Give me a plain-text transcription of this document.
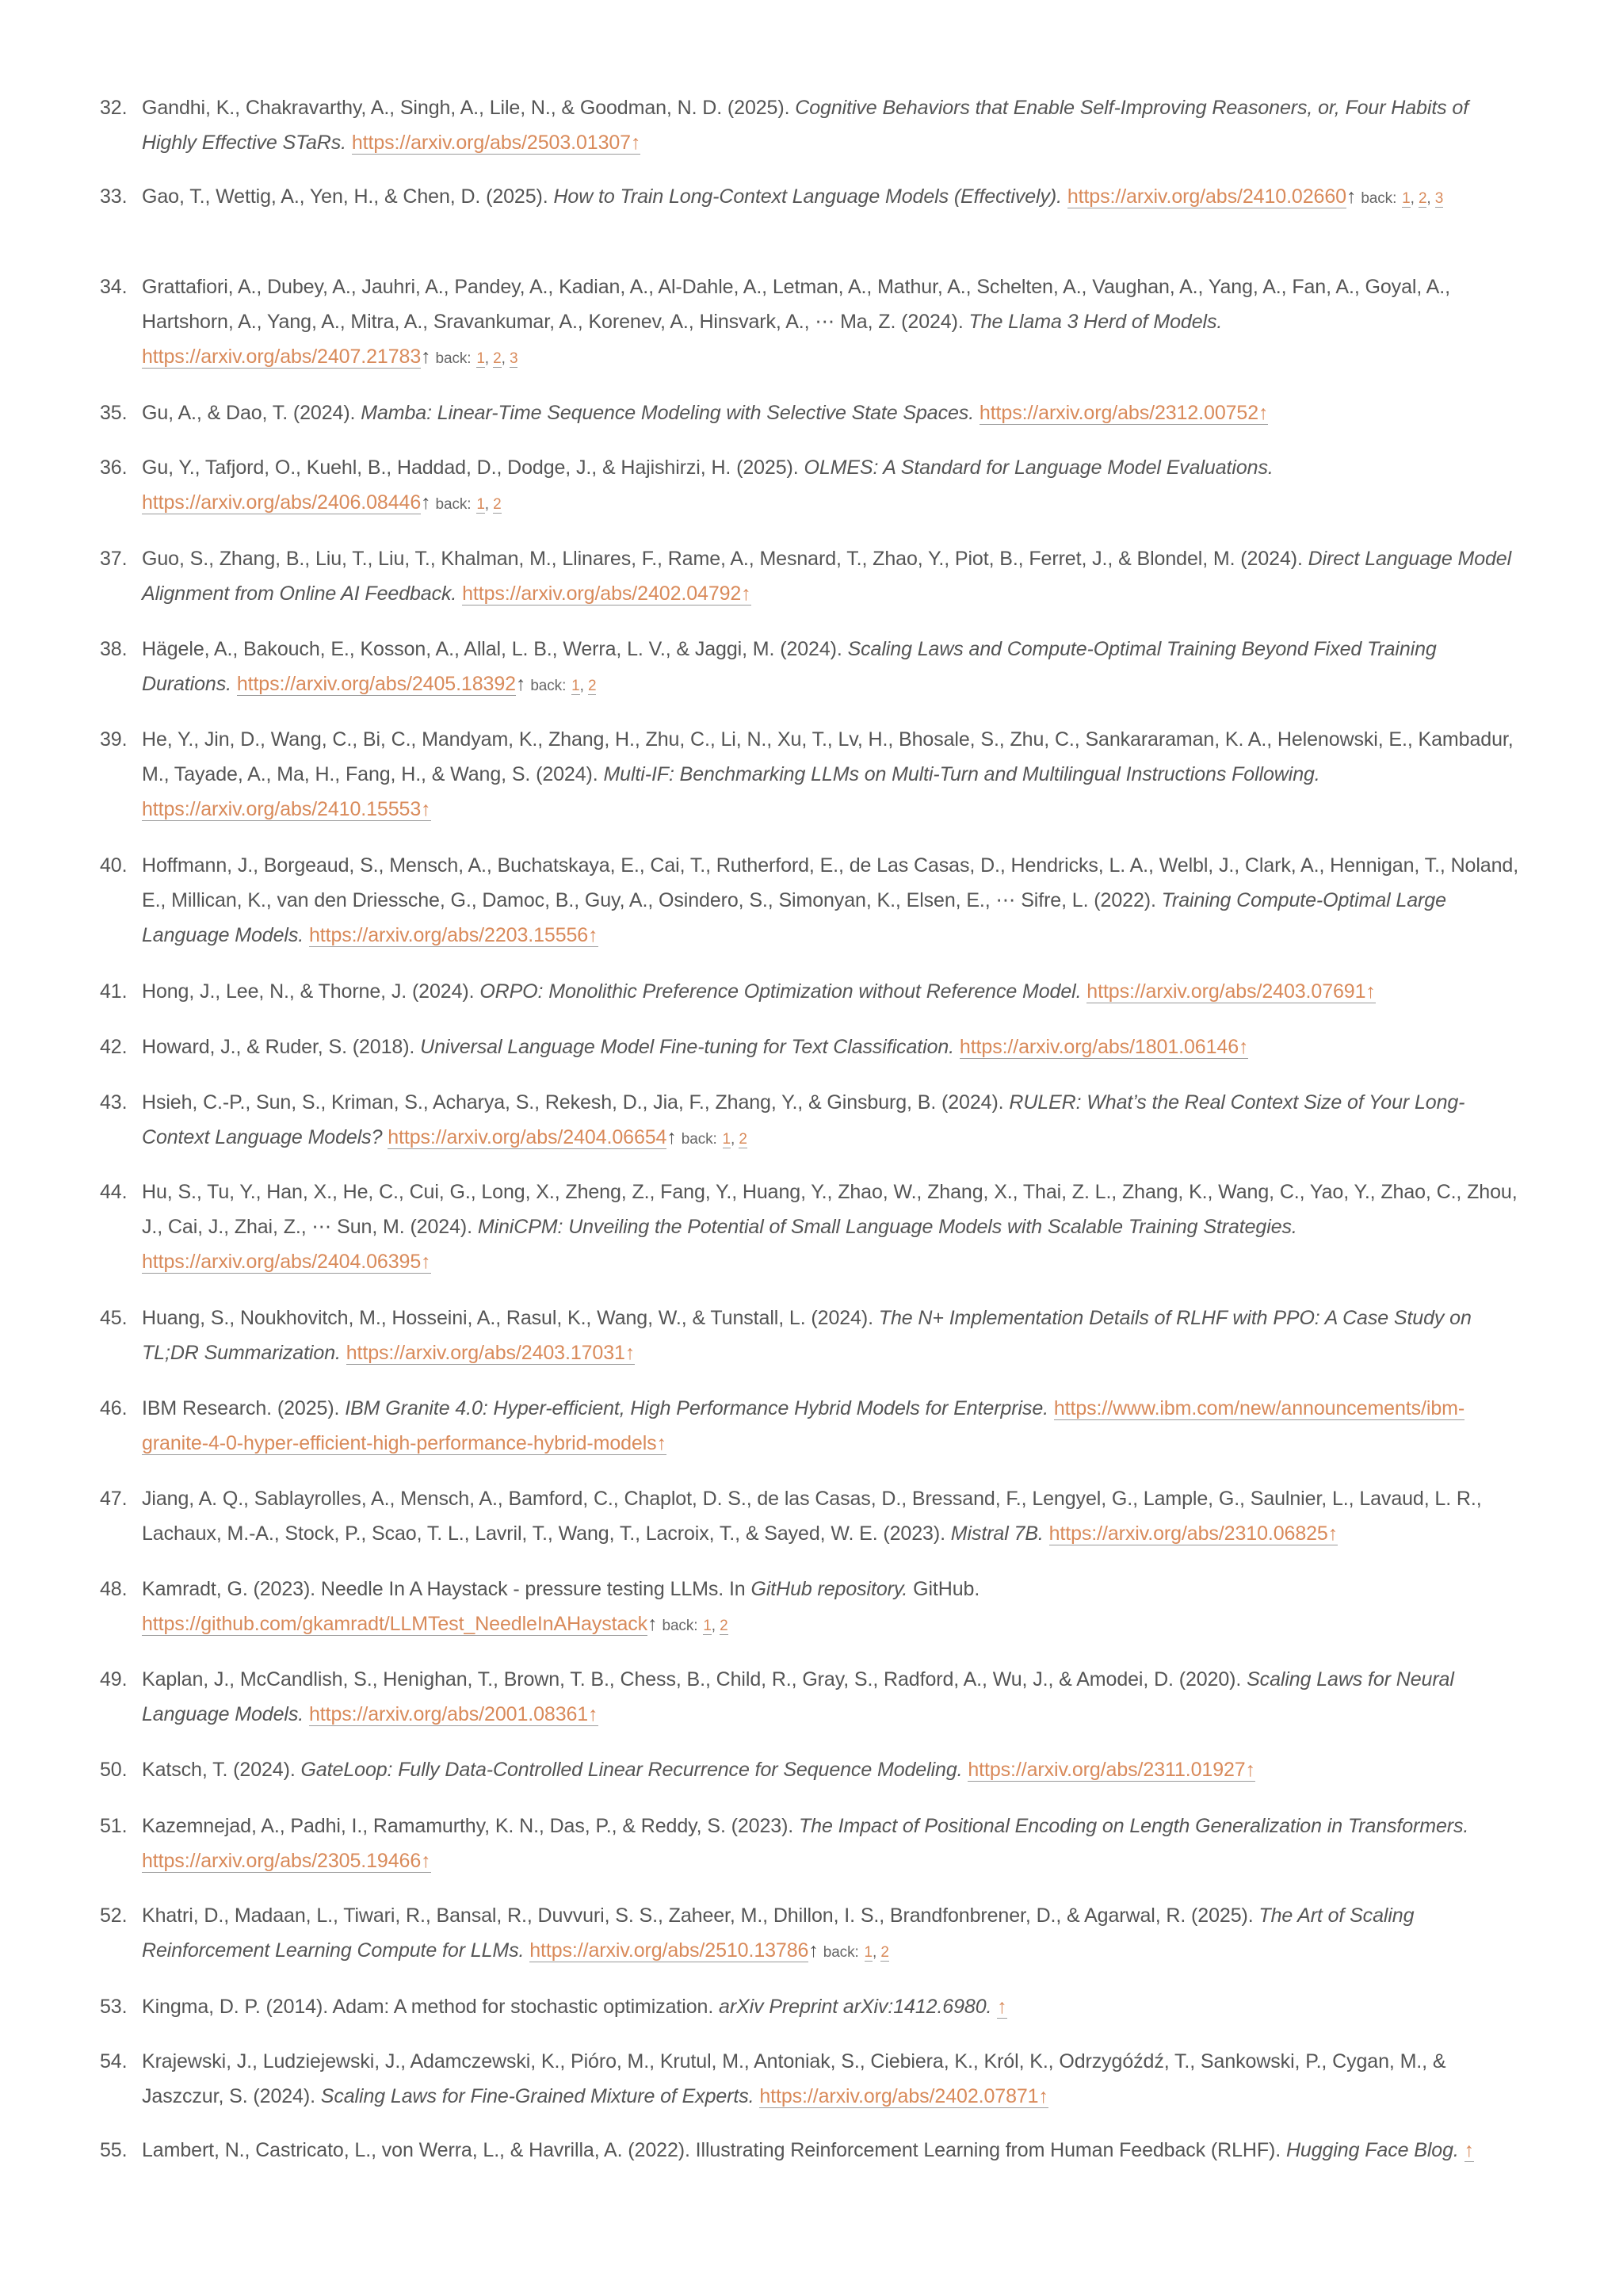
32. Gandhi, K., Chakravarthy, A., Singh, A., Lile, N., & Goodman, N. D. (2025). Cognitive Behaviors that Enable Self-Improving Reasoners, or, Four Habits of Highly Effective STaRs. https://arxiv.org/abs/2503.01307↑
33. Gao, T., Wettig, A., Yen, H., & Chen, D. (2025). How to Train Long-Context Language Models (Effectively). https://arxiv.org/abs/2410.02660↑ back: 1, 2, 3
34. Grattafiori, A., Dubey, A., Jauhri, A., Pandey, A., Kadian, A., Al-Dahle, A., Letman, A., Mathur, A., Schelten, A., Vaughan, A., Yang, A., Fan, A., Goyal, A., Hartshorn, A., Yang, A., Mitra, A., Sravankumar, A., Korenev, A., Hinsvark, A., ⋯ Ma, Z. (2024). The Llama 3 Herd of Models. https://arxiv.org/abs/2407.21783↑ back: 1, 2, 3
35. Gu, A., & Dao, T. (2024). Mamba: Linear-Time Sequence Modeling with Selective State Spaces. https://arxiv.org/abs/2312.00752↑
36. Gu, Y., Tafjord, O., Kuehl, B., Haddad, D., Dodge, J., & Hajishirzi, H. (2025). OLMES: A Standard for Language Model Evaluations. https://arxiv.org/abs/2406.08446↑ back: 1, 2
37. Guo, S., Zhang, B., Liu, T., Liu, T., Khalman, M., Llinares, F., Rame, A., Mesnard, T., Zhao, Y., Piot, B., Ferret, J., & Blondel, M. (2024). Direct Language Model Alignment from Online AI Feedback. https://arxiv.org/abs/2402.04792↑
38. Hägele, A., Bakouch, E., Kosson, A., Allal, L. B., Werra, L. V., & Jaggi, M. (2024). Scaling Laws and Compute-Optimal Training Beyond Fixed Training Durations. https://arxiv.org/abs/2405.18392↑ back: 1, 2
39. He, Y., Jin, D., Wang, C., Bi, C., Mandyam, K., Zhang, H., Zhu, C., Li, N., Xu, T., Lv, H., Bhosale, S., Zhu, C., Sankararaman, K. A., Helenowski, E., Kambadur, M., Tayade, A., Ma, H., Fang, H., & Wang, S. (2024). Multi-IF: Benchmarking LLMs on Multi-Turn and Multilingual Instructions Following. https://arxiv.org/abs/2410.15553↑
40. Hoffmann, J., Borgeaud, S., Mensch, A., Buchatskaya, E., Cai, T., Rutherford, E., de Las Casas, D., Hendricks, L. A., Welbl, J., Clark, A., Hennigan, T., Noland, E., Millican, K., van den Driessche, G., Damoc, B., Guy, A., Osindero, S., Simonyan, K., Elsen, E., ⋯ Sifre, L. (2022). Training Compute-Optimal Large Language Models. https://arxiv.org/abs/2203.15556↑
41. Hong, J., Lee, N., & Thorne, J. (2024). ORPO: Monolithic Preference Optimization without Reference Model. https://arxiv.org/abs/2403.07691↑
42. Howard, J., & Ruder, S. (2018). Universal Language Model Fine-tuning for Text Classification. https://arxiv.org/abs/1801.06146↑
43. Hsieh, C.-P., Sun, S., Kriman, S., Acharya, S., Rekesh, D., Jia, F., Zhang, Y., & Ginsburg, B. (2024). RULER: What’s the Real Context Size of Your Long-Context Language Models? https://arxiv.org/abs/2404.06654↑ back: 1, 2
44. Hu, S., Tu, Y., Han, X., He, C., Cui, G., Long, X., Zheng, Z., Fang, Y., Huang, Y., Zhao, W., Zhang, X., Thai, Z. L., Zhang, K., Wang, C., Yao, Y., Zhao, C., Zhou, J., Cai, J., Zhai, Z., ⋯ Sun, M. (2024). MiniCPM: Unveiling the Potential of Small Language Models with Scalable Training Strategies. https://arxiv.org/abs/2404.06395↑
45. Huang, S., Noukhovitch, M., Hosseini, A., Rasul, K., Wang, W., & Tunstall, L. (2024). The N+ Implementation Details of RLHF with PPO: A Case Study on TL;DR Summarization. https://arxiv.org/abs/2403.17031↑
46. IBM Research. (2025). IBM Granite 4.0: Hyper-efficient, High Performance Hybrid Models for Enterprise. https://www.ibm.com/new/announcements/ibm-granite-4-0-hyper-efficient-high-performance-hybrid-models↑
47. Jiang, A. Q., Sablayrolles, A., Mensch, A., Bamford, C., Chaplot, D. S., de las Casas, D., Bressand, F., Lengyel, G., Lample, G., Saulnier, L., Lavaud, L. R., Lachaux, M.-A., Stock, P., Scao, T. L., Lavril, T., Wang, T., Lacroix, T., & Sayed, W. E. (2023). Mistral 7B. https://arxiv.org/abs/2310.06825↑
48. Kamradt, G. (2023). Needle In A Haystack - pressure testing LLMs. In GitHub repository. GitHub. https://github.com/gkamradt/LLMTest_NeedleInAHaystack↑ back: 1, 2
49. Kaplan, J., McCandlish, S., Henighan, T., Brown, T. B., Chess, B., Child, R., Gray, S., Radford, A., Wu, J., & Amodei, D. (2020). Scaling Laws for Neural Language Models. https://arxiv.org/abs/2001.08361↑
50. Katsch, T. (2024). GateLoop: Fully Data-Controlled Linear Recurrence for Sequence Modeling. https://arxiv.org/abs/2311.01927↑
51. Kazemnejad, A., Padhi, I., Ramamurthy, K. N., Das, P., & Reddy, S. (2023). The Impact of Positional Encoding on Length Generalization in Transformers. https://arxiv.org/abs/2305.19466↑
52. Khatri, D., Madaan, L., Tiwari, R., Bansal, R., Duvvuri, S. S., Zaheer, M., Dhillon, I. S., Brandfonbrener, D., & Agarwal, R. (2025). The Art of Scaling Reinforcement Learning Compute for LLMs. https://arxiv.org/abs/2510.13786↑ back: 1, 2
53. Kingma, D. P. (2014). Adam: A method for stochastic optimization. arXiv Preprint arXiv:1412.6980. ↑
54. Krajewski, J., Ludziejewski, J., Adamczewski, K., Pióro, M., Krutul, M., Antoniak, S., Ciebiera, K., Król, K., Odrzygóźdź, T., Sankowski, P., Cygan, M., & Jaszczur, S. (2024). Scaling Laws for Fine-Grained Mixture of Experts. https://arxiv.org/abs/2402.07871↑
55. Lambert, N., Castricato, L., von Werra, L., & Havrilla, A. (2022). Illustrating Reinforcement Learning from Human Feedback (RLHF). Hugging Face Blog. ↑
